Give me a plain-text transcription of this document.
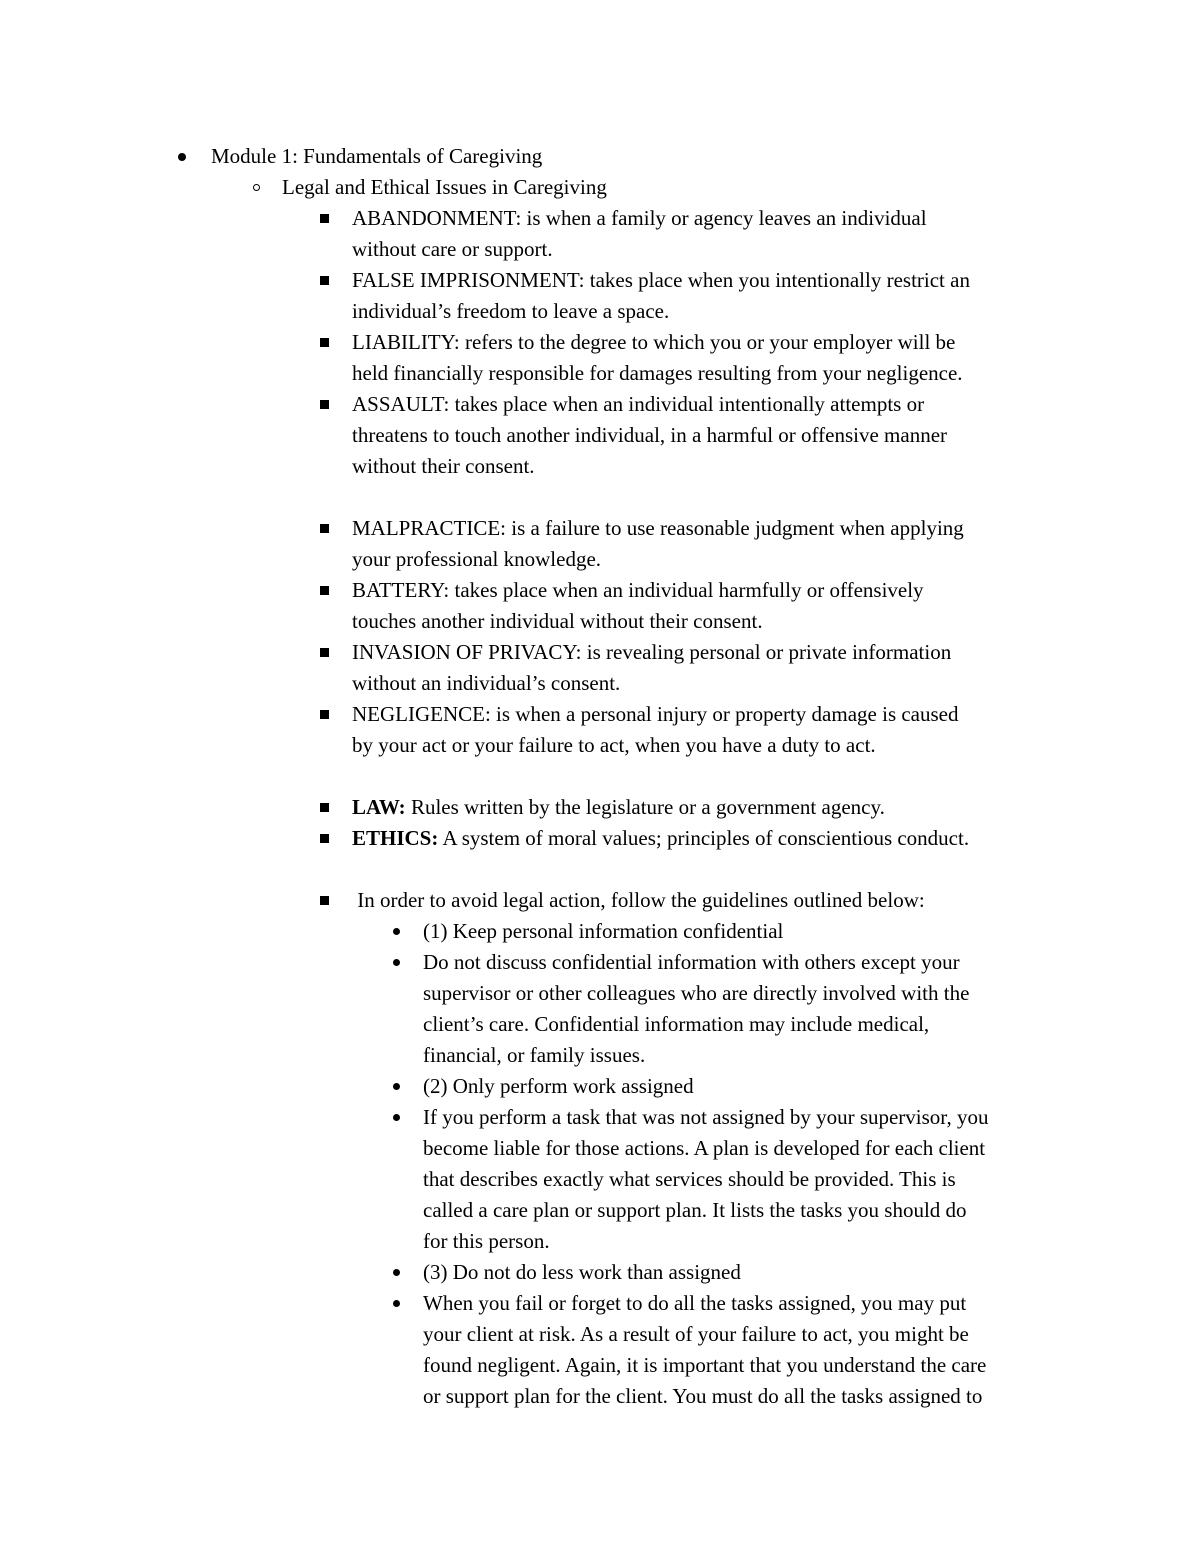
Module 1: Fundamentals of Caregiving
Legal and Ethical Issues in Caregiving
ABANDONMENT: is when a family or agency leaves an individual
without care or support.
FALSE IMPRISONMENT: takes place when you intentionally restrict an
individual’s freedom to leave a space.
LIABILITY: refers to the degree to which you or your employer will be
held financially responsible for damages resulting from your negligence.
ASSAULT: takes place when an individual intentionally attempts or
threatens to touch another individual, in a harmful or offensive manner
without their consent.
MALPRACTICE: is a failure to use reasonable judgment when applying
your professional knowledge.
BATTERY: takes place when an individual harmfully or offensively
touches another individual without their consent.
INVASION OF PRIVACY: is revealing personal or private information
without an individual’s consent.
NEGLIGENCE: is when a personal injury or property damage is caused
by your act or your failure to act, when you have a duty to act.
LAW: Rules written by the legislature or a government agency.
ETHICS: A system of moral values; principles of conscientious conduct.
In order to avoid legal action, follow the guidelines outlined below:
(1) Keep personal information confidential
Do not discuss confidential information with others except your
supervisor or other colleagues who are directly involved with the
client’s care. Confidential information may include medical,
financial, or family issues.
(2) Only perform work assigned
If you perform a task that was not assigned by your supervisor, you
become liable for those actions. A plan is developed for each client
that describes exactly what services should be provided. This is
called a care plan or support plan. It lists the tasks you should do
for this person.
(3) Do not do less work than assigned
When you fail or forget to do all the tasks assigned, you may put
your client at risk. As a result of your failure to act, you might be
found negligent. Again, it is important that you understand the care
or support plan for the client. You must do all the tasks assigned to
